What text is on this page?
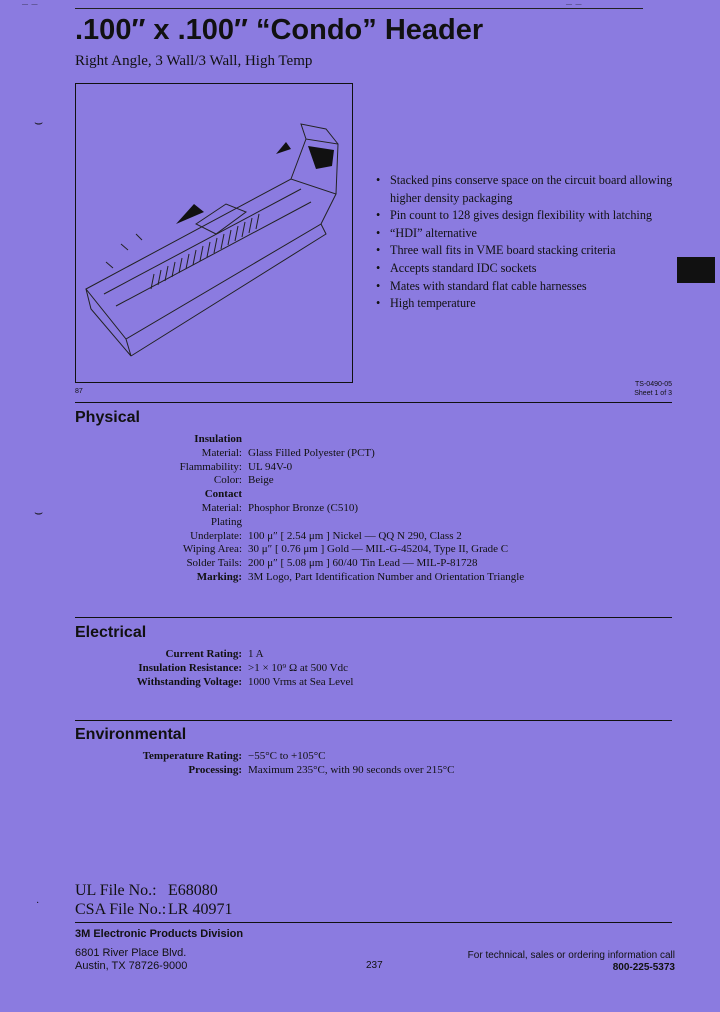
— —	— —
.100″ x .100″ “Condo” Header
Right Angle, 3 Wall/3 Wall, High Temp
⌣
⌣
·
87
TS-0490-05
Sheet 1 of 3
• Stacked pins conserve space on the circuit board allowing higher density packaging
• Pin count to 128 gives design flexibility with latching
• “HDI” alternative
• Three wall fits in VME board stacking criteria
• Accepts standard IDC sockets
• Mates with standard flat cable harnesses
• High temperature
Physical
Insulation	
Material:	Glass Filled Polyester (PCT)
Flammability:	UL 94V-0
Color:	Beige
Contact	
Material:	Phosphor Bronze (C510)
Plating	
Underplate:	100 μ″ [ 2.54 μm ] Nickel — QQ N 290, Class 2
Wiping Area:	30 μ″ [ 0.76 μm ] Gold — MIL-G-45204, Type II, Grade C
Solder Tails:	200 μ″ [ 5.08 μm ] 60/40 Tin Lead — MIL-P-81728
Marking:	3M Logo, Part Identification Number and Orientation Triangle
Electrical
Current Rating:	1 A
Insulation Resistance:	>1 × 10⁹ Ω at 500 Vdc
Withstanding Voltage:	1000 Vrms at Sea Level
Environmental
Temperature Rating:	−55°C to +105°C
Processing:	Maximum 235°C, with 90 seconds over 215°C
UL File No.: E68080
CSA File No.: LR 40971
3M Electronic Products Division
6801 River Place Blvd.
Austin, TX 78726-9000	237
For technical, sales or ordering information call
800-225-5373
